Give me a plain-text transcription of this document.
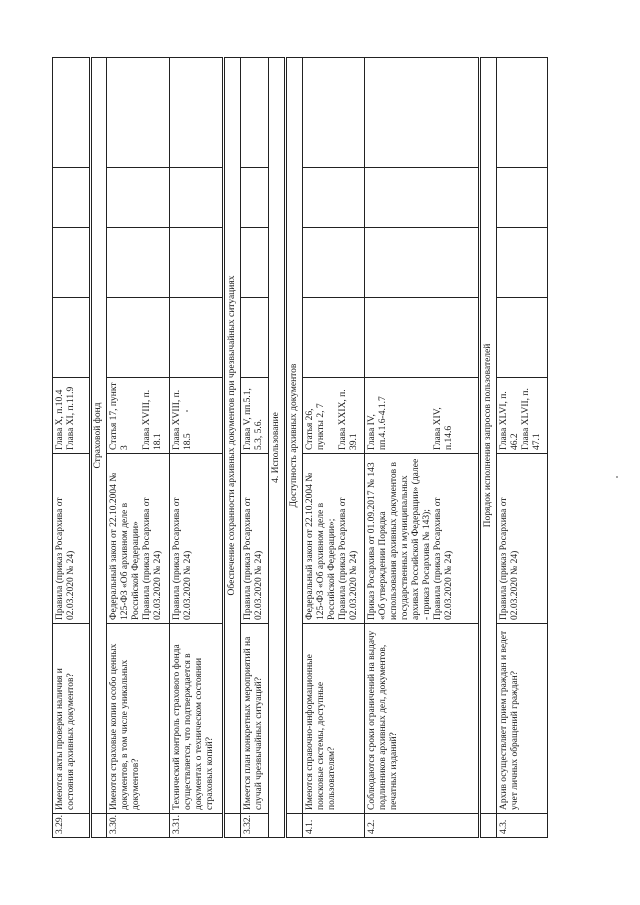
3.29.	Имеются акты проверки наличия и состояния архивных документов?	Правила (приказ Росархива от 02.03.2020 № 24)	Глава X, п.10.4
Глава XI, п.11.9				
	Страховой фонд						
3.30.	Имеются страховые копии особо ценных документов, в том числе уникальных документов?	Федеральный закон от 22.10.2004 № 125-ФЗ «Об архивном деле в Российской Федерации»
Правила (приказ Росархива от 02.03.2020 № 24)	Статья 17, пункт 3

Глава XVIII, п. 18.1				
3.31.	Технический контроль страхового фонда осуществляется, что подтверждается в документах о техническом состоянии страховых копий?	Правила (приказ Росархива от 02.03.2020 № 24)	Глава XVIII, п. 18.5				
	Обеспечение сохранности архивных документов при чрезвычайных ситуациях						
3.32.	Имеется план конкретных мероприятий на случай чрезвычайных ситуаций?	Правила (приказ Росархива от 02.03.2020 № 24)	Глава V, пп.5.1, 5.3, 5.6.				
4. Использование							
	Доступность архивных документов						
4.1.	Имеются справочно-информационные поисковые системы, доступные пользователям?	Федеральный закон от 22.10.2004 № 125-ФЗ «Об архивном деле в Российской Федерации»;
Правила (приказ Росархива от 02.03.2020 № 24)	Статья 26, пункты 2, 7

Глава XXIX, п. 39.1				
4.2.	Соблюдаются сроки ограничений на выдачу подлинников архивных дел, документов, печатных изданий?	Приказ Росархива от 01.09.2017 № 143 «Об утверждении Порядка использования архивных документов в государственных и муниципальных архивах Российской Федерации» (далее - приказ Росархива № 143);
Правила (приказ Росархива от 02.03.2020 № 24)	Глава IV, пп.4.1.6-4.1.7

Глава XIV, п.14.6				
	Порядок исполнения запросов пользователей						
4.3.	Архив осуществляет прием граждан и ведет учет личных обращений граждан?	Правила (приказ Росархива от 02.03.2020 № 24)	Глава XLVI, п. 46.2
Глава XLVII, п. 47.1				
